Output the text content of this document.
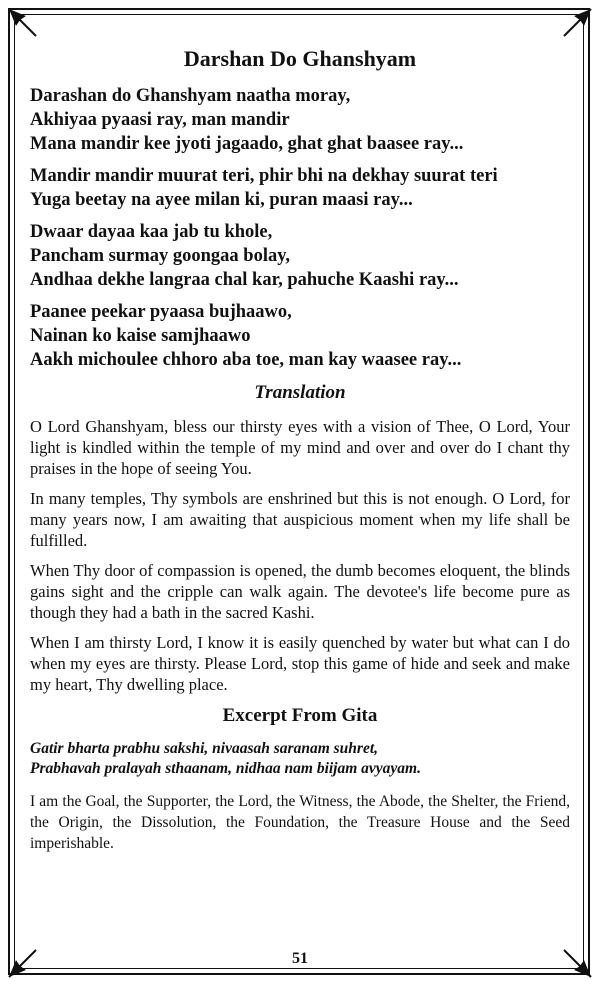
Darshan Do Ghanshyam
Darashan do Ghanshyam naatha moray,
Akhiyaa pyaasi ray, man mandir
Mana mandir kee jyoti jagaado, ghat ghat baasee ray...
Mandir mandir muurat teri, phir bhi na dekhay suurat teri
Yuga beetay na ayee milan ki, puran maasi ray...
Dwaar dayaa kaa jab tu khole,
Pancham surmay goongaa bolay,
Andhaa dekhe langraa chal kar, pahuche Kaashi ray...
Paanee peekar pyaasa bujhaawo,
Nainan ko kaise samjhaawo
Aakh michoulee chhoro aba toe, man kay waasee ray...
Translation

O Lord Ghanshyam, bless our thirsty eyes with a vision of Thee, O Lord, Your light is kindled within the temple of my mind and over and over do I chant thy praises in the hope of seeing You.

In many temples, Thy symbols are enshrined but this is not enough. O Lord, for many years now, I am awaiting that auspicious moment when my life shall be fulfilled.

When Thy door of compassion is opened, the dumb becomes eloquent, the blinds gains sight and the cripple can walk again. The devotee's life become pure as though they had a bath in the sacred Kashi.

When I am thirsty Lord, I know it is easily quenched by water but what can I do when my eyes are thirsty. Please Lord, stop this game of hide and seek and make my heart, Thy dwelling place.

Excerpt From Gita
Gatir bharta prabhu sakshi, nivaasah saranam suhret,
Prabhavah pralayah sthaanam, nidhaa nam biijam avyayam.

I am the Goal, the Supporter, the Lord, the Witness, the Abode, the Shelter, the Friend, the Origin, the Dissolution, the Foundation, the Treasure House and the Seed imperishable.

51
